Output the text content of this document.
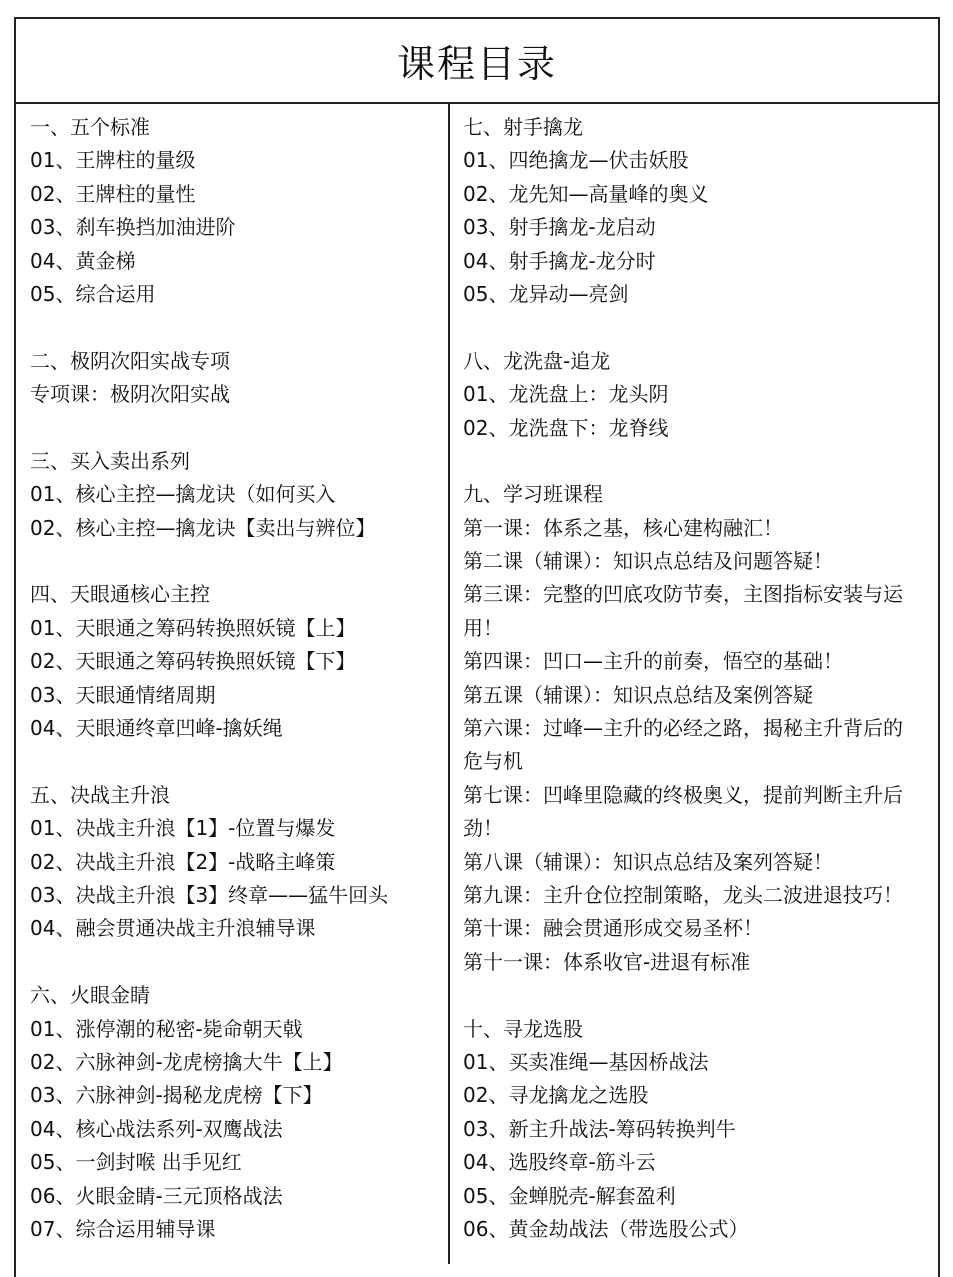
课程目录
一、五个标准
01、王牌柱的量级
02、王牌柱的量性
03、刹车换挡加油进阶
04、黄金梯
05、综合运用
二、极阴次阳实战专项
专项课：极阴次阳实战
三、买入卖出系列
01、核心主控—擒龙诀（如何买入
02、核心主控—擒龙诀【卖出与辨位】
四、天眼通核心主控
01、天眼通之筹码转换照妖镜【上】
02、天眼通之筹码转换照妖镜【下】
03、天眼通情绪周期
04、天眼通终章凹峰-擒妖绳
五、决战主升浪
01、决战主升浪【1】-位置与爆发
02、决战主升浪【2】-战略主峰策
03、决战主升浪【3】终章——猛牛回头
04、融会贯通决战主升浪辅导课
六、火眼金睛
01、涨停潮的秘密-毙命朝天戟
02、六脉神剑-龙虎榜擒大牛【上】
03、六脉神剑-揭秘龙虎榜【下】
04、核心战法系列-双鹰战法
05、一剑封喉 出手见红
06、火眼金睛-三元顶格战法
07、综合运用辅导课
七、射手擒龙
01、四绝擒龙—伏击妖股
02、龙先知—高量峰的奥义
03、射手擒龙-龙启动
04、射手擒龙-龙分时
05、龙异动—亮剑
八、龙洗盘-追龙
01、龙洗盘上：龙头阴
02、龙洗盘下：龙脊线
九、学习班课程
第一课：体系之基，核心建构融汇！
第二课（辅课）：知识点总结及问题答疑！
第三课：完整的凹底攻防节奏，主图指标安装与运
用！
第四课：凹口—主升的前奏，悟空的基础！
第五课（辅课）：知识点总结及案例答疑
第六课：过峰—主升的必经之路，揭秘主升背后的
危与机
第七课：凹峰里隐藏的终极奥义，提前判断主升后
劲！
第八课（辅课）：知识点总结及案列答疑！
第九课：主升仓位控制策略，龙头二波进退技巧！
第十课：融会贯通形成交易圣杯！
第十一课：体系收官-进退有标准
十、寻龙选股
01、买卖准绳—基因桥战法
02、寻龙擒龙之选股
03、新主升战法-筹码转换判牛
04、选股终章-筋斗云
05、金蝉脱壳-解套盈利
06、黄金劫战法（带选股公式）
